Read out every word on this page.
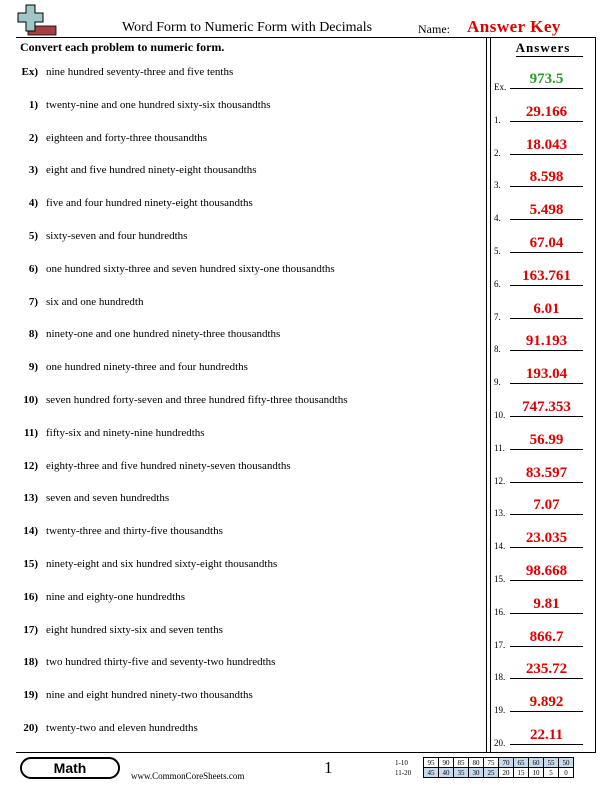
Word Form to Numeric Form with Decimals	Name: Answer Key
Convert each problem to numeric form.	Answers
Ex) nine hundred seventy-three and five tenths
1) twenty-nine and one hundred sixty-six thousandths
2) eighteen and forty-three thousandths
3) eight and five hundred ninety-eight thousandths
4) five and four hundred ninety-eight thousandths
5) sixty-seven and four hundredths
6) one hundred sixty-three and seven hundred sixty-one thousandths
7) six and one hundredth
8) ninety-one and one hundred ninety-three thousandths
9) one hundred ninety-three and four hundredths
10) seven hundred forty-seven and three hundred fifty-three thousandths
11) fifty-six and ninety-nine hundredths
12) eighty-three and five hundred ninety-seven thousandths
13) seven and seven hundredths
14) twenty-three and thirty-five thousandths
15) ninety-eight and six hundred sixty-eight thousandths
16) nine and eighty-one hundredths
17) eight hundred sixty-six and seven tenths
18) two hundred thirty-five and seventy-two hundredths
19) nine and eight hundred ninety-two thousandths
20) twenty-two and eleven hundredths
Ex.	973.5
1.	29.166
2.	18.043
3.	8.598
4.	5.498
5.	67.04
6.	163.761
7.	6.01
8.	91.193
9.	193.04
10.	747.353
11.	56.99
12.	83.597
13.	7.07
14.	23.035
15.	98.668
16.	9.81
17.	866.7
18.	235.72
19.	9.892
20.	22.11
Math	www.CommonCoreSheets.com	1	1-10	95	90	85	80	75	70	65	60	55	50
11-20	45	40	35	30	25	20	15	10	5	0
